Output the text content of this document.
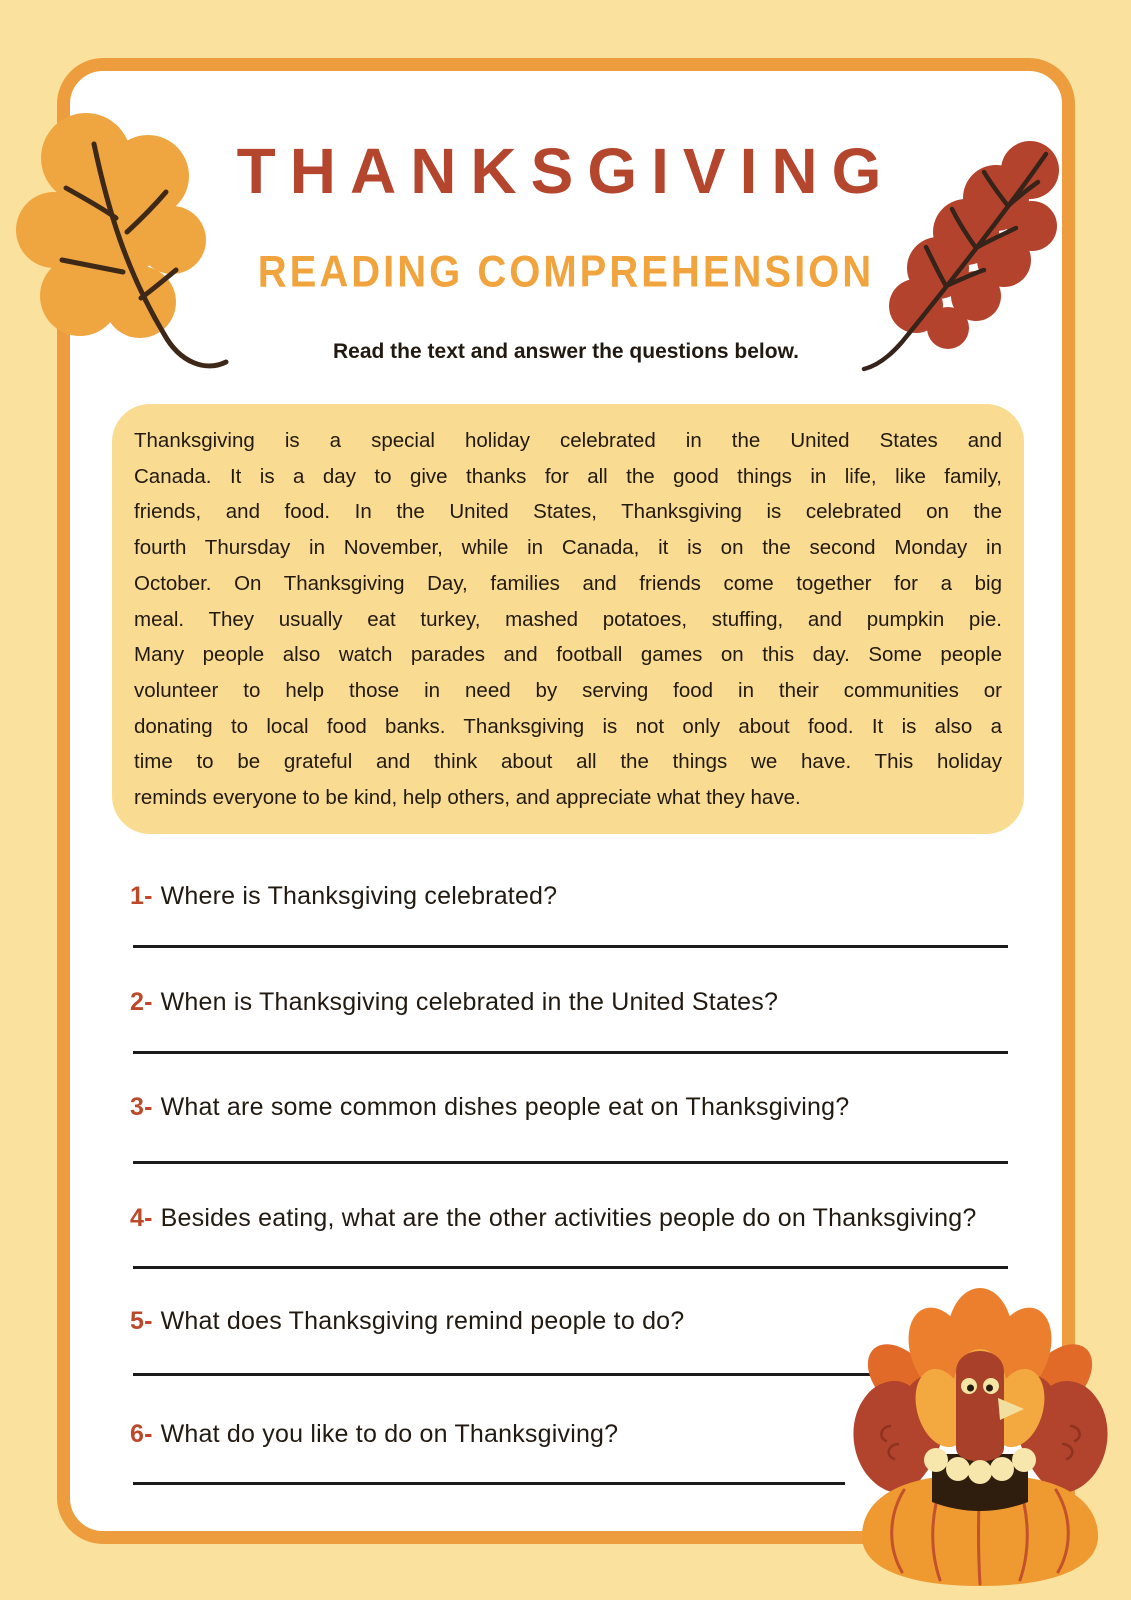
THANKSGIVING
READING COMPREHENSION
Read the text and answer the questions below.
Thanksgiving is a special holiday celebrated in the United States and
Canada. It is a day to give thanks for all the good things in life, like family,
friends, and food. In the United States, Thanksgiving is celebrated on the
fourth Thursday in November, while in Canada, it is on the second Monday in
October. On Thanksgiving Day, families and friends come together for a big
meal. They usually eat turkey, mashed potatoes, stuffing, and pumpkin pie.
Many people also watch parades and football games on this day. Some people
volunteer to help those in need by serving food in their communities or
donating to local food banks. Thanksgiving is not only about food. It is also a
time to be grateful and think about all the things we have. This holiday
reminds everyone to be kind, help others, and appreciate what they have.
1- Where is Thanksgiving celebrated?
2- When is Thanksgiving celebrated in the United States?
3- What are some common dishes people eat on Thanksgiving?
4- Besides eating, what are the other activities people do on Thanksgiving?
5- What does Thanksgiving remind people to do?
6- What do you like to do on Thanksgiving?
